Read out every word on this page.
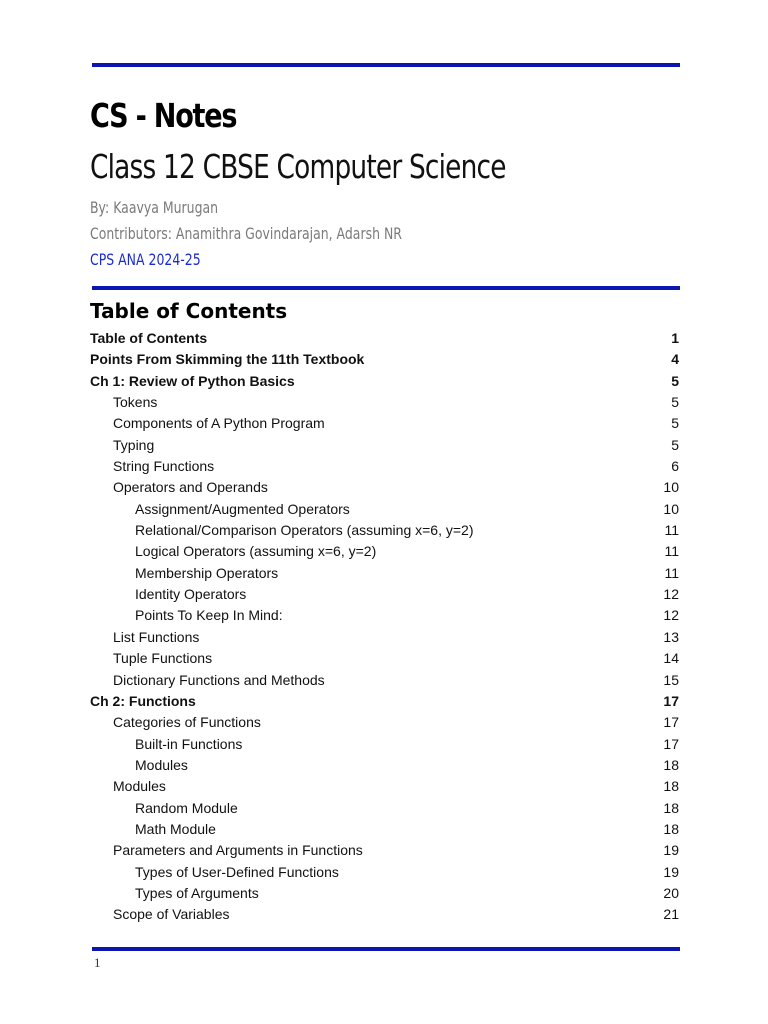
CS - Notes
Class 12 CBSE Computer Science
By: Kaavya Murugan
Contributors: Anamithra Govindarajan, Adarsh NR
CPS ANA 2024-25
Table of Contents
Table of Contents	1
Points From Skimming the 11th Textbook	4
Ch 1: Review of Python Basics	5
Tokens	5
Components of A Python Program	5
Typing	5
String Functions	6
Operators and Operands	10
Assignment/Augmented Operators	10
Relational/Comparison Operators (assuming x=6, y=2)	11
Logical Operators (assuming x=6, y=2)	11
Membership Operators	11
Identity Operators	12
Points To Keep In Mind:	12
List Functions	13
Tuple Functions	14
Dictionary Functions and Methods	15
Ch 2: Functions	17
Categories of Functions	17
Built-in Functions	17
Modules	18
Modules	18
Random Module	18
Math Module	18
Parameters and Arguments in Functions	19
Types of User-Defined Functions	19
Types of Arguments	20
Scope of Variables	21
1
